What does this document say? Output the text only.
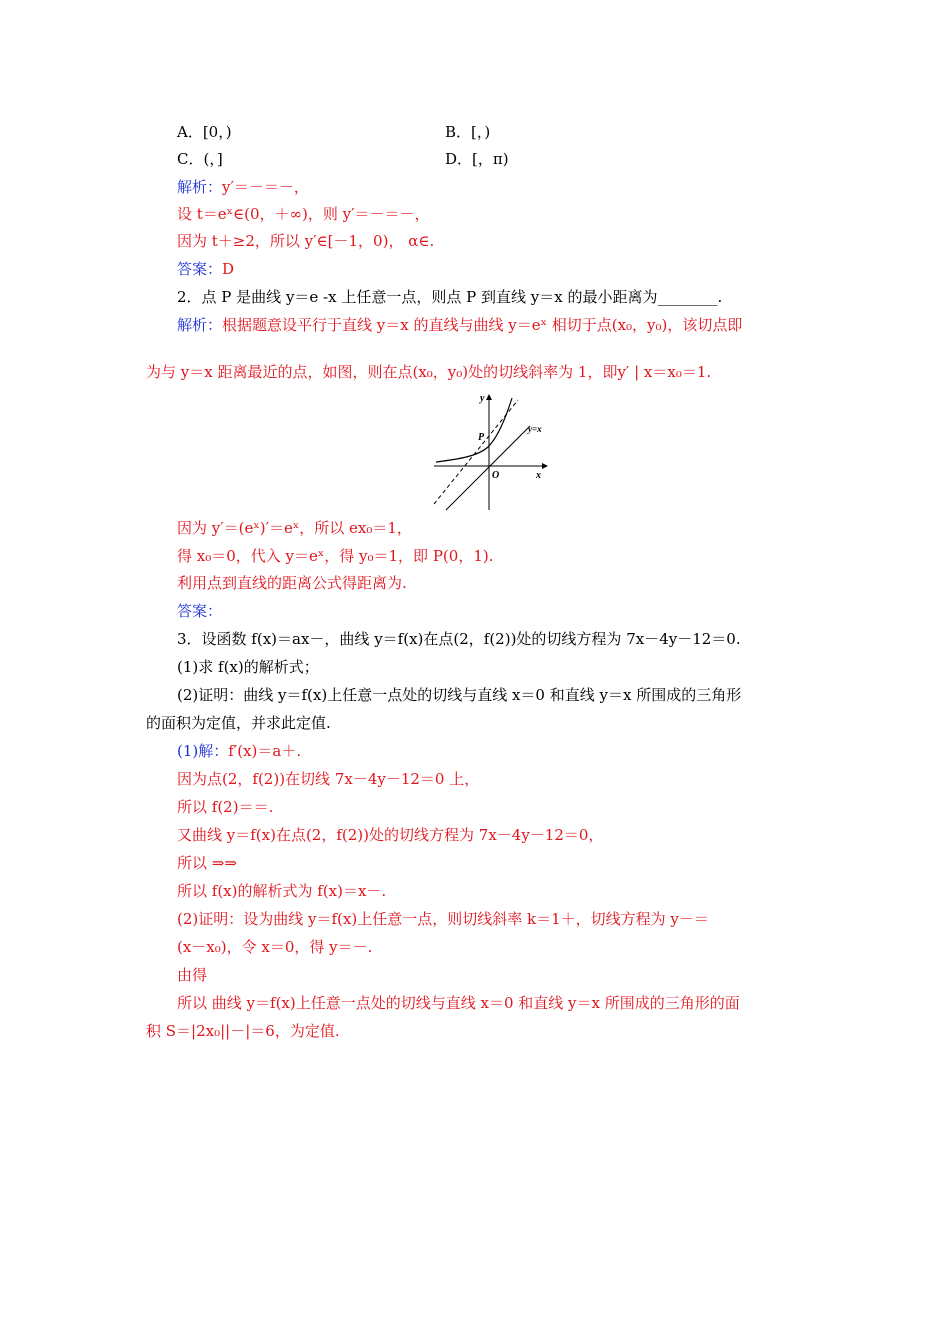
A．[0，)	B．[，)
C．(，]	D．[，π)
解析：y′＝－＝－，
设 t＝eˣ∈(0，＋∞)，则 y′＝－＝－，
因为 t＋≥2，所以 y′∈[－1，0)， α∈.
答案：D
2．点 P 是曲线 y＝e -x 上任意一点，则点 P 到直线 y＝x 的最小距离为________.
解析：根据题意设平行于直线 y＝x 的直线与曲线 y＝eˣ 相切于点(x₀，y₀)，该切点即
为与 y＝x 距离最近的点，如图，则在点(x₀，y₀)处的切线斜率为 1，即y′ | x＝x₀＝1.
y
x
O
P
y=x
因为 y′＝(eˣ)′＝eˣ，所以 ex₀＝1，
得 x₀＝0，代入 y＝eˣ，得 y₀＝1，即 P(0，1).
利用点到直线的距离公式得距离为.
答案：
3．设函数 f(x)＝ax－，曲线 y＝f(x)在点(2，f(2))处的切线方程为 7x－4y－12＝0.
(1)求 f(x)的解析式；
(2)证明：曲线 y＝f(x)上任意一点处的切线与直线 x＝0 和直线 y＝x 所围成的三角形
的面积为定值，并求此定值.
(1)解：f′(x)＝a＋.
因为点(2，f(2))在切线 7x－4y－12＝0 上，
所以 f(2)＝＝.
又曲线 y＝f(x)在点(2，f(2))处的切线方程为 7x－4y－12＝0，
所以 ⇒⇒
所以 f(x)的解析式为 f(x)＝x－.
(2)证明：设为曲线 y＝f(x)上任意一点，则切线斜率 k＝1＋，切线方程为 y－＝
(x－x₀)，令 x＝0，得 y＝－.
由得
所以 曲线 y＝f(x)上任意一点处的切线与直线 x＝0 和直线 y＝x 所围成的三角形的面
积 S＝|2x₀||－|＝6，为定值.
